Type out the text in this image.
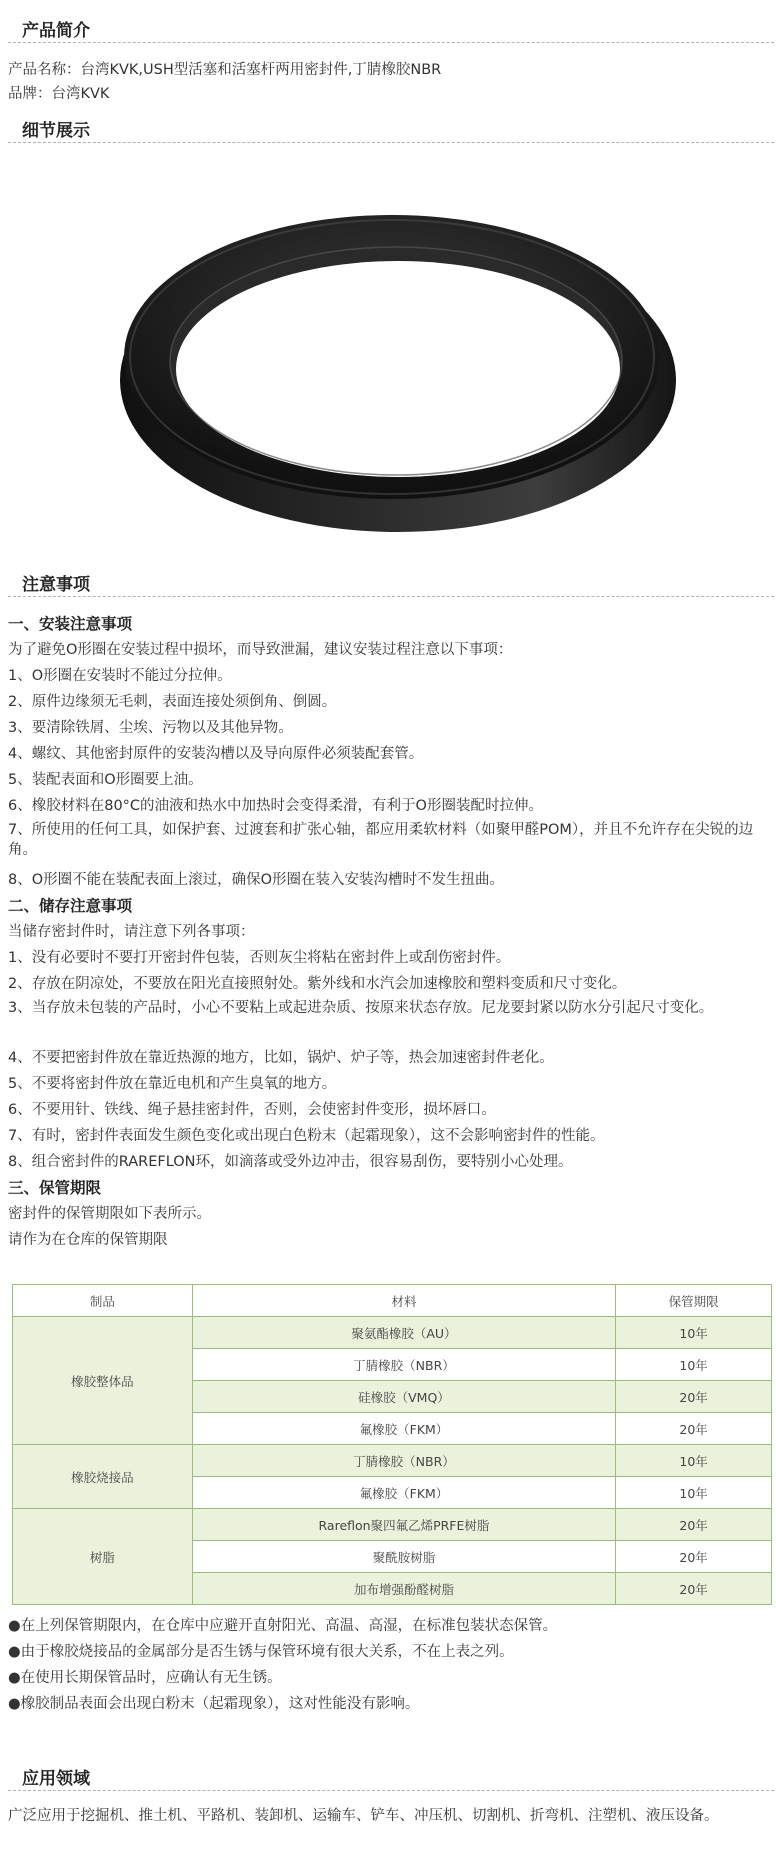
产品简介
产品名称：台湾KVK,USH型活塞和活塞杆两用密封件,丁腈橡胶NBR
品牌：台湾KVK
细节展示
注意事项
一、安装注意事项
为了避免O形圈在安装过程中损坏，而导致泄漏，建议安装过程注意以下事项：
1、O形圈在安装时不能过分拉伸。
2、原件边缘须无毛刺，表面连接处须倒角、倒圆。
3、要清除铁屑、尘埃、污物以及其他异物。
4、螺纹、其他密封原件的安装沟槽以及导向原件必须装配套管。
5、装配表面和O形圈要上油。
6、橡胶材料在80°C的油液和热水中加热时会变得柔滑，有利于O形圈装配时拉伸。
7、所使用的任何工具，如保护套、过渡套和扩张心轴，都应用柔软材料（如聚甲醛POM），并且不允许存在尖锐的边角。
8、O形圈不能在装配表面上滚过，确保O形圈在装入安装沟槽时不发生扭曲。
二、储存注意事项
当储存密封件时，请注意下列各事项：
1、没有必要时不要打开密封件包装，否则灰尘将粘在密封件上或刮伤密封件。
2、存放在阴凉处，不要放在阳光直接照射处。紫外线和水汽会加速橡胶和塑料变质和尺寸变化。
3、当存放未包装的产品时，小心不要粘上或起进杂质、按原来状态存放。尼龙要封紧以防水分引起尺寸变化。
4、不要把密封件放在靠近热源的地方，比如，锅炉、炉子等，热会加速密封件老化。
5、不要将密封件放在靠近电机和产生臭氧的地方。
6、不要用针、铁线、绳子悬挂密封件，否则，会使密封件变形，损坏唇口。
7、有时，密封件表面发生颜色变化或出现白色粉末（起霜现象），这不会影响密封件的性能。
8、组合密封件的RAREFLON环，如滴落或受外边冲击，很容易刮伤，要特别小心处理。
三、保管期限
密封件的保管期限如下表所示。
请作为在仓库的保管期限
制品	材料	保管期限
橡胶整体品	聚氨酯橡胶（AU）	10年
	丁腈橡胶（NBR）	10年
	硅橡胶（VMQ）	20年
	氟橡胶（FKM）	20年
橡胶烧接品	丁腈橡胶（NBR）	10年
	氟橡胶（FKM）	10年
树脂	Rareflon聚四氟乙烯PRFE树脂	20年
	聚酰胺树脂	20年
	加布增强酚醛树脂	20年
●在上列保管期限内，在仓库中应避开直射阳光、高温、高湿，在标准包装状态保管。
●由于橡胶烧接品的金属部分是否生锈与保管环境有很大关系，不在上表之列。
●在使用长期保管品时，应确认有无生锈。
●橡胶制品表面会出现白粉末（起霜现象），这对性能没有影响。
应用领域
广泛应用于挖掘机、推土机、平路机、装卸机、运输车、铲车、冲压机、切割机、折弯机、注塑机、液压设备。
